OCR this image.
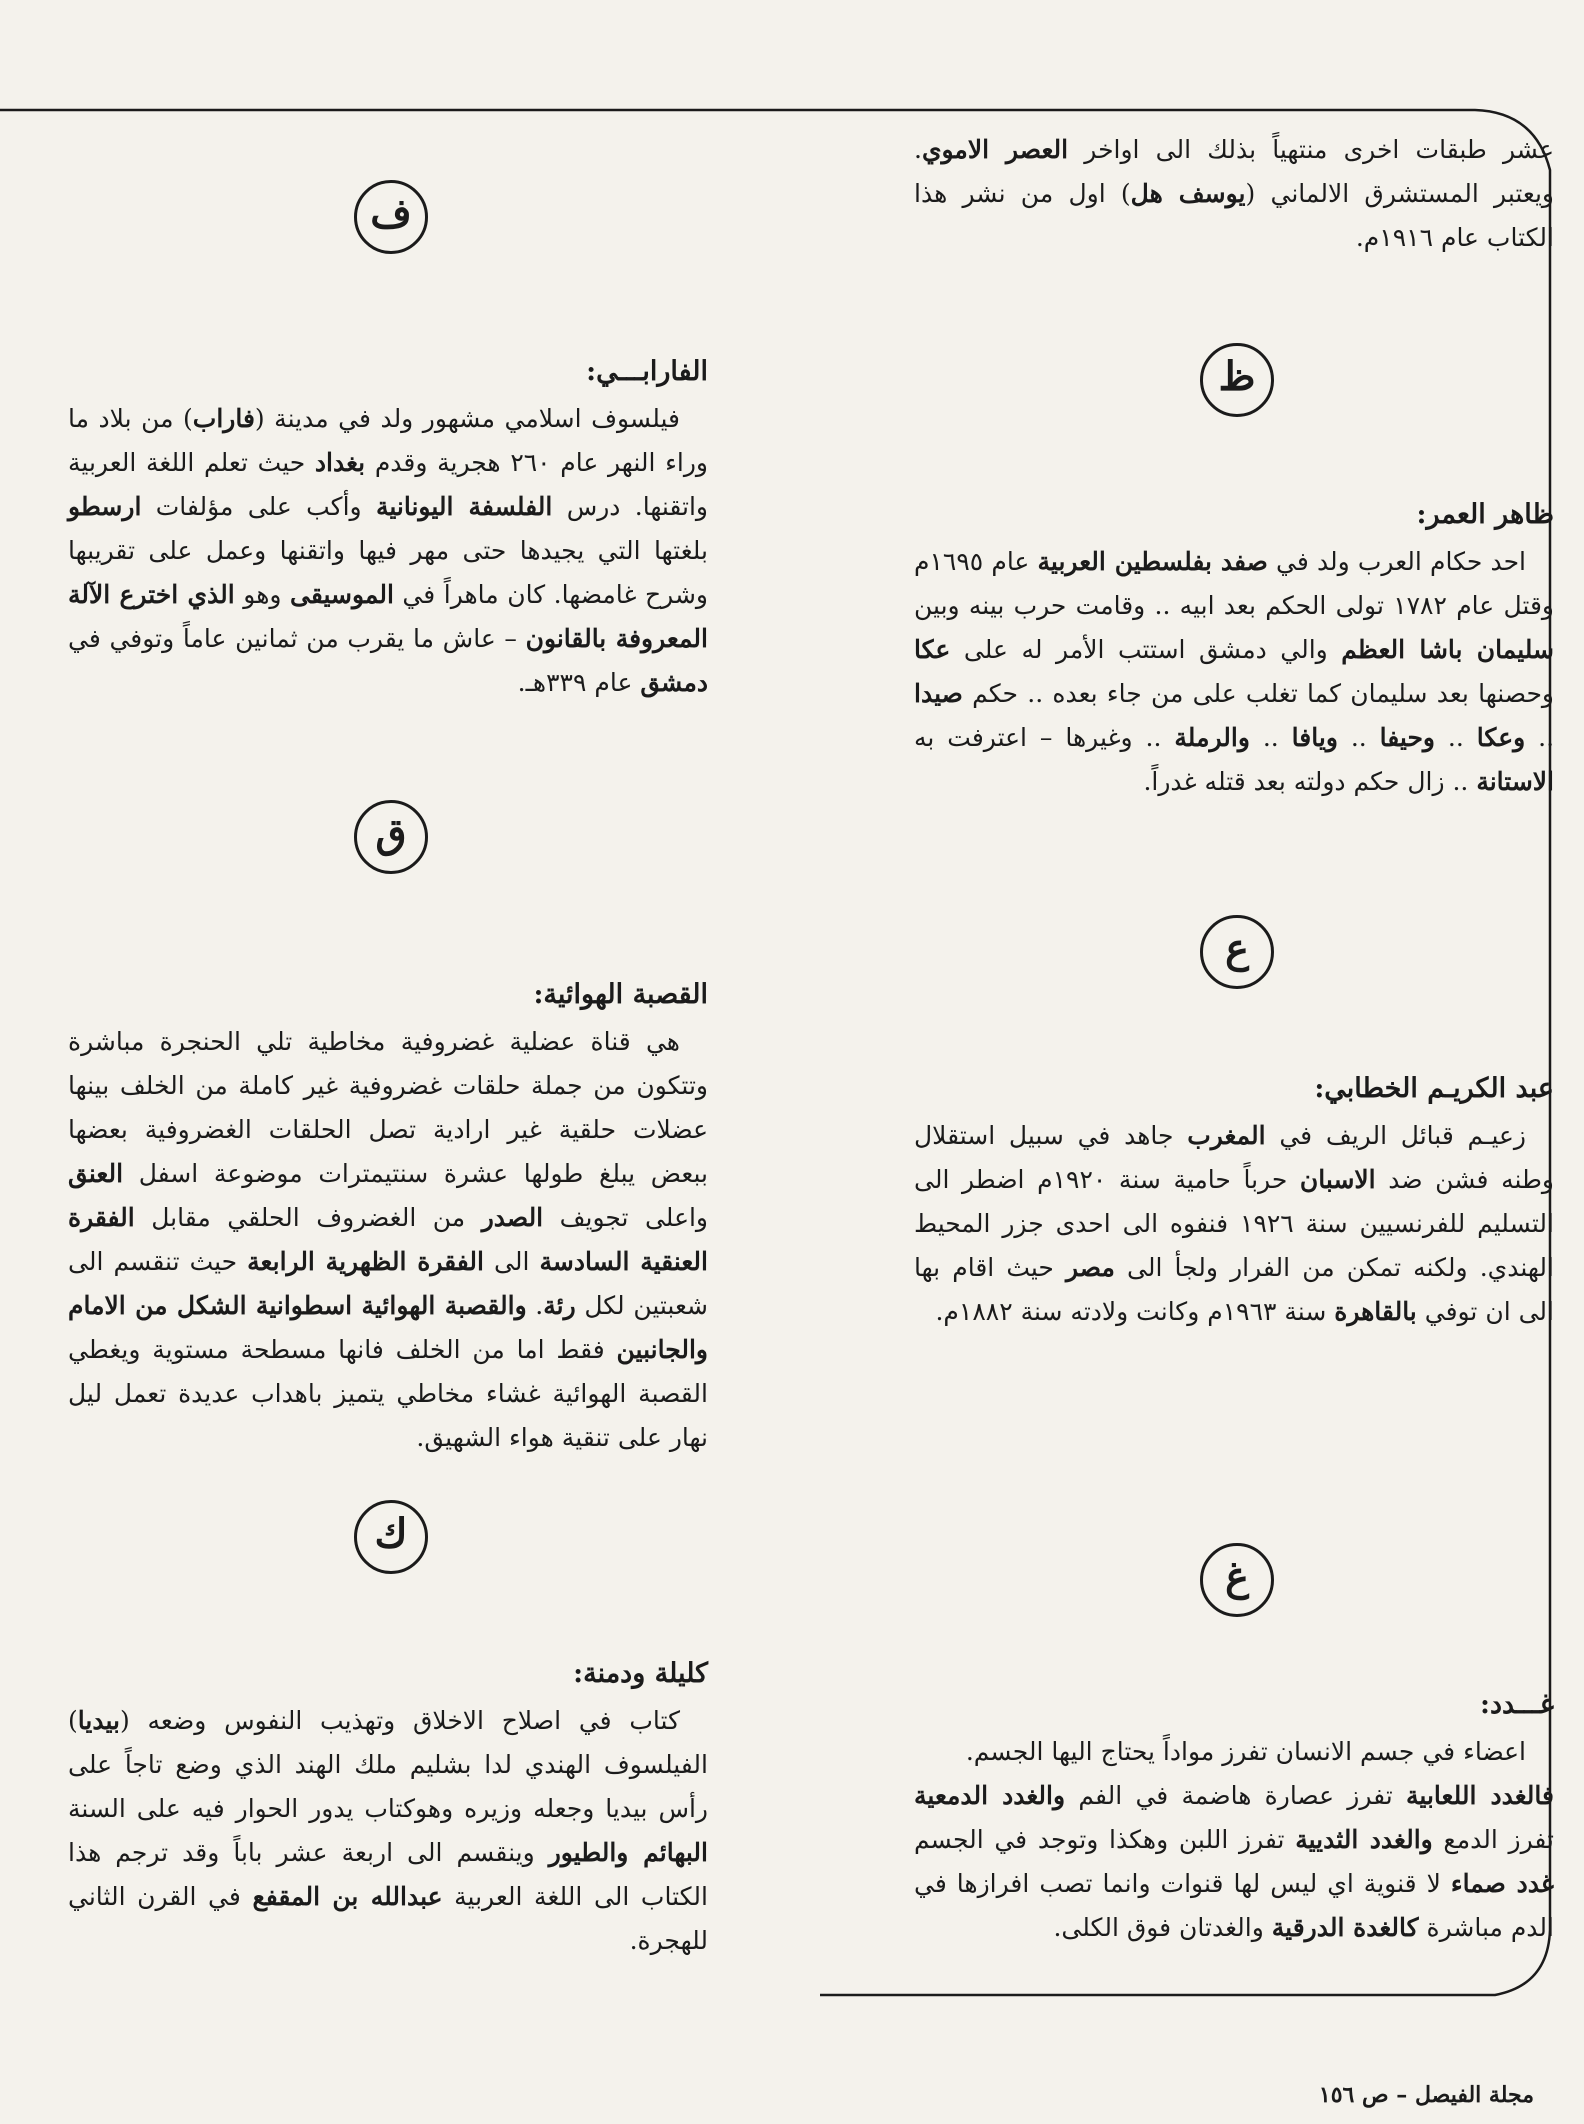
عشر طبقات اخرى منتهياً بذلك الى اواخر العصر الاموي. ويعتبر المستشرق الالماني (يوسف هل) اول من نشر هذا الكتاب عام ١٩١٦م.

ظ

ظاهر العمر:

احد حكام العرب ولد في صفد بفلسطين العربية عام ١٦٩٥م وقتل عام ١٧٨٢ تولى الحكم بعد ابيه .. وقامت حرب بينه وبين سليمان باشا العظم والي دمشق استتب الأمر له على عكا وحصنها بعد سليمان كما تغلب على من جاء بعده .. حكم صيدا .. وعكا .. وحيفا .. ويافا .. والرملة .. وغيرها – اعترفت به الاستانة .. زال حكم دولته بعد قتله غدراً.

ع

عبد الكريـم الخطابي:

زعيـم قبائل الريف في المغرب جاهد في سبيل استقلال وطنه فشن ضد الاسبان حرباً حامية سنة ١٩٢٠م اضطر الى التسليم للفرنسيين سنة ١٩٢٦ فنفوه الى احدى جزر المحيط الهندي. ولكنه تمكن من الفرار ولجأ الى مصر حيث اقام بها الى ان توفي بالقاهرة سنة ١٩٦٣م وكانت ولادته سنة ١٨٨٢م.

غ

غـــدد:

اعضاء في جسم الانسان تفرز مواداً يحتاج اليها الجسم.

فالغدد اللعابية تفرز عصارة هاضمة في الفم والغدد الدمعية تفرز الدمع والغدد الثديية تفرز اللبن وهكذا وتوجد في الجسم غدد صماء لا قنوية اي ليس لها قنوات وانما تصب افرازها في الدم مباشرة كالغدة الدرقية والغدتان فوق الكلى.

ف

الفارابـــي:

فيلسوف اسلامي مشهور ولد في مدينة (فاراب) من بلاد ما وراء النهر عام ٢٦٠ هجرية وقدم بغداد حيث تعلم اللغة العربية واتقنها. درس الفلسفة اليونانية وأكب على مؤلفات ارسطو بلغتها التي يجيدها حتى مهر فيها واتقنها وعمل على تقريبها وشرح غامضها. كان ماهراً في الموسيقى وهو الذي اخترع الآلة المعروفة بالقانون – عاش ما يقرب من ثمانين عاماً وتوفي في دمشق عام ٣٣٩هـ.

ق

القصبة الهوائية:

هي قناة عضلية غضروفية مخاطية تلي الحنجرة مباشرة وتتكون من جملة حلقات غضروفية غير كاملة من الخلف بينها عضلات حلقية غير ارادية تصل الحلقات الغضروفية بعضها ببعض يبلغ طولها عشرة سنتيمترات موضوعة اسفل العنق واعلى تجويف الصدر من الغضروف الحلقي مقابل الفقرة العنقية السادسة الى الفقرة الظهرية الرابعة حيث تنقسم الى شعبتين لكل رئة. والقصبة الهوائية اسطوانية الشكل من الامام والجانبين فقط اما من الخلف فانها مسطحة مستوية ويغطي القصبة الهوائية غشاء مخاطي يتميز باهداب عديدة تعمل ليل نهار على تنقية هواء الشهيق.

ك

كليلة ودمنة:

كتاب في اصلاح الاخلاق وتهذيب النفوس وضعه (بيديا) الفيلسوف الهندي لدا بشليم ملك الهند الذي وضع تاجاً على رأس بيديا وجعله وزيره وهوكتاب يدور الحوار فيه على السنة البهائم والطيور وينقسم الى اربعة عشر باباً وقد ترجم هذا الكتاب الى اللغة العربية عبدالله بن المقفع في القرن الثاني للهجرة.

مجلة الفيصل – ص ١٥٦
